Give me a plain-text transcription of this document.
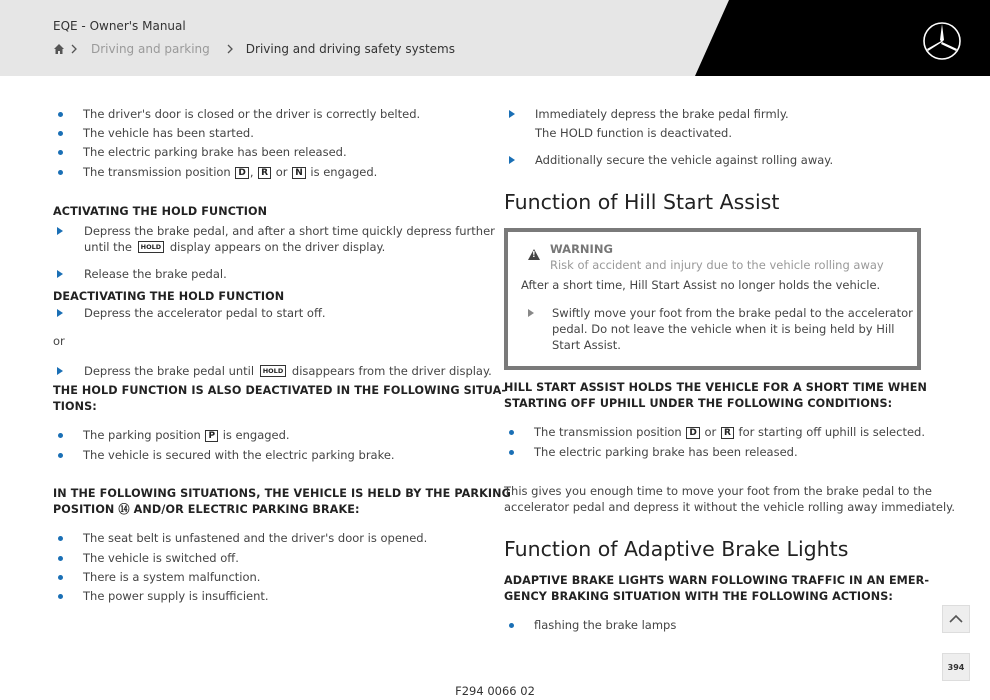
EQE - Owner's Manual
Driving and parking	Driving and driving safety systems
The driver's door is closed or the driver is correctly belted.
The vehicle has been started.
The electric parking brake has been released.
The transmission position D , R or N is engaged.
ACTIVATING THE HOLD FUNCTION
Depress the brake pedal, and after a short time quickly depress further
until the HOLD display appears on the driver display.
Release the brake pedal.
DEACTIVATING THE HOLD FUNCTION
Depress the accelerator pedal to start off.
or
Depress the brake pedal until HOLD disappears from the driver display.
THE HOLD FUNCTION IS ALSO DEACTIVATED IN THE FOLLOWING SITUA-
TIONS:
The parking position P is engaged.
The vehicle is secured with the electric parking brake.
IN THE FOLLOWING SITUATIONS, THE VEHICLE IS HELD BY THE PARKING
POSITION ⑭ AND/OR ELECTRIC PARKING BRAKE:
The seat belt is unfastened and the driver's door is opened.
The vehicle is switched off.
There is a system malfunction.
The power supply is insufficient.
Immediately depress the brake pedal firmly.
The HOLD function is deactivated.
Additionally secure the vehicle against rolling away.
Function of Hill Start Assist
!
WARNING
Risk of accident and injury due to the vehicle rolling away
After a short time, Hill Start Assist no longer holds the vehicle.
Swiftly move your foot from the brake pedal to the accelerator
pedal. Do not leave the vehicle when it is being held by Hill
Start Assist.
HILL START ASSIST HOLDS THE VEHICLE FOR A SHORT TIME WHEN
STARTING OFF UPHILL UNDER THE FOLLOWING CONDITIONS:
The transmission position D or R for starting off uphill is selected.
The electric parking brake has been released.
This gives you enough time to move your foot from the brake pedal to the
accelerator pedal and depress it without the vehicle rolling away immediately.
Function of Adaptive Brake Lights
ADAPTIVE BRAKE LIGHTS WARN FOLLOWING TRAFFIC IN AN EMER-
GENCY BRAKING SITUATION WITH THE FOLLOWING ACTIONS:
flashing the brake lamps
394
F294 0066 02
